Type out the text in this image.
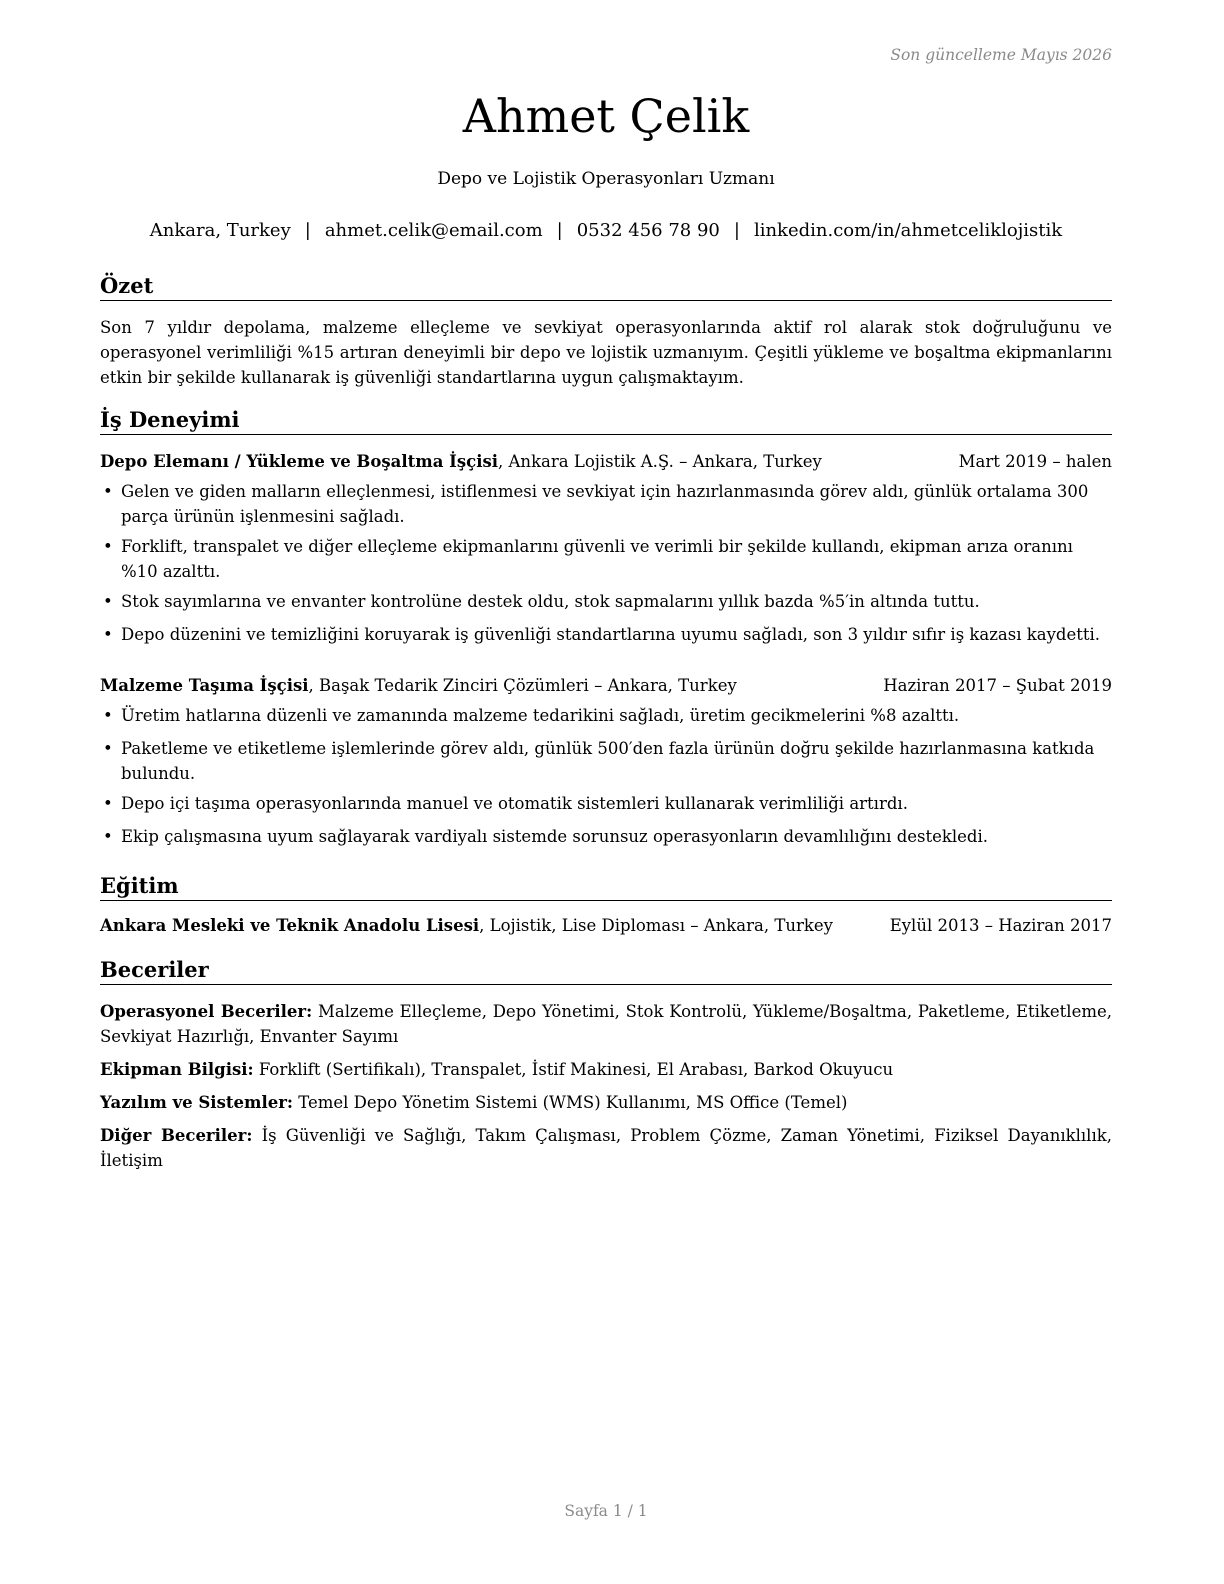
Son güncelleme Mayıs 2026
Ahmet Çelik
Depo ve Lojistik Operasyonları Uzmanı
Ankara, Turkey | ahmet.celik@email.com | 0532 456 78 90 | linkedin.com/in/ahmetceliklojistik
Özet
Son 7 yıldır depolama, malzeme elleçleme ve sevkiyat operasyonlarında aktif rol alarak stok doğruluğunu ve operasyonel verimliliği %15 artıran deneyimli bir depo ve lojistik uzmanıyım. Çeşitli yükleme ve boşaltma ekipmanlarını etkin bir şekilde kullanarak iş güvenliği standartlarına uygun çalışmaktayım.
İş Deneyimi
Depo Elemanı / Yükleme ve Boşaltma İşçisi, Ankara Lojistik A.Ş. – Ankara, Turkey	Mart 2019 – halen
• Gelen ve giden malların elleçlenmesi, istiflenmesi ve sevkiyat için hazırlanmasında görev aldı, günlük ortalama 300 parça ürünün işlenmesini sağladı.
• Forklift, transpalet ve diğer elleçleme ekipmanlarını güvenli ve verimli bir şekilde kullandı, ekipman arıza oranını %10 azalttı.
• Stok sayımlarına ve envanter kontrolüne destek oldu, stok sapmalarını yıllık bazda %5′in altında tuttu.
• Depo düzenini ve temizliğini koruyarak iş güvenliği standartlarına uyumu sağladı, son 3 yıldır sıfır iş kazası kaydetti.
Malzeme Taşıma İşçisi, Başak Tedarik Zinciri Çözümleri – Ankara, Turkey	Haziran 2017 – Şubat 2019
• Üretim hatlarına düzenli ve zamanında malzeme tedarikini sağladı, üretim gecikmelerini %8 azalttı.
• Paketleme ve etiketleme işlemlerinde görev aldı, günlük 500′den fazla ürünün doğru şekilde hazırlanmasına katkıda bulundu.
• Depo içi taşıma operasyonlarında manuel ve otomatik sistemleri kullanarak verimliliği artırdı.
• Ekip çalışmasına uyum sağlayarak vardiyalı sistemde sorunsuz operasyonların devamlılığını destekledi.
Eğitim
Ankara Mesleki ve Teknik Anadolu Lisesi, Lojistik, Lise Diploması – Ankara, Turkey	Eylül 2013 – Haziran 2017
Beceriler
Operasyonel Beceriler: Malzeme Elleçleme, Depo Yönetimi, Stok Kontrolü, Yükleme/Boşaltma, Paketleme, Etiketleme, Sevkiyat Hazırlığı, Envanter Sayımı
Ekipman Bilgisi: Forklift (Sertifikalı), Transpalet, İstif Makinesi, El Arabası, Barkod Okuyucu
Yazılım ve Sistemler: Temel Depo Yönetim Sistemi (WMS) Kullanımı, MS Office (Temel)
Diğer Beceriler: İş Güvenliği ve Sağlığı, Takım Çalışması, Problem Çözme, Zaman Yönetimi, Fiziksel Dayanıklılık, İletişim
Sayfa 1 / 1
